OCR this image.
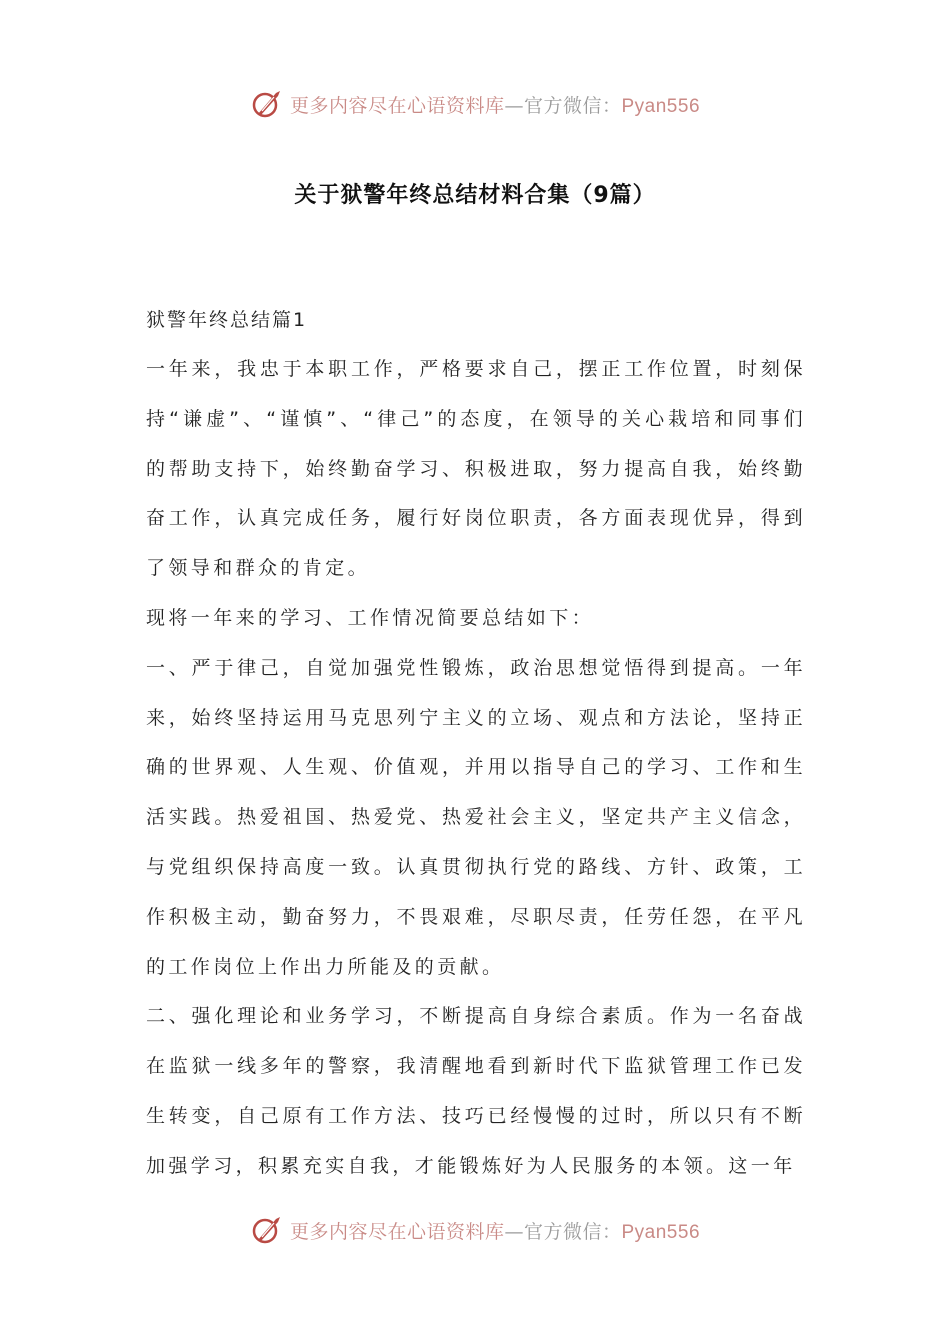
更多内容尽在心语资料库—官方微信：Pyan556
关于狱警年终总结材料合集（9篇）
狱警年终总结篇1

一年来，我忠于本职工作，严格要求自己，摆正工作位置，时刻保持“谦虚”、“谨慎”、“律己”的态度，在领导的关心栽培和同事们的帮助支持下，始终勤奋学习、积极进取，努力提高自我，始终勤奋工作，认真完成任务，履行好岗位职责，各方面表现优异，得到了领导和群众的肯定。

现将一年来的学习、工作情况简要总结如下：

一、严于律己，自觉加强党性锻炼，政治思想觉悟得到提高。一年来，始终坚持运用马克思列宁主义的立场、观点和方法论，坚持正确的世界观、人生观、价值观，并用以指导自己的学习、工作和生活实践。热爱祖国、热爱党、热爱社会主义，坚定共产主义信念，与党组织保持高度一致。认真贯彻执行党的路线、方针、政策，工作积极主动，勤奋努力，不畏艰难，尽职尽责，任劳任怨，在平凡的工作岗位上作出力所能及的贡献。

二、强化理论和业务学习，不断提高自身综合素质。作为一名奋战在监狱一线多年的警察，我清醒地看到新时代下监狱管理工作已发生转变，自己原有工作方法、技巧已经慢慢的过时，所以只有不断加强学习，积累充实自我，才能锻炼好为人民服务的本领。这一年

更多内容尽在心语资料库—官方微信：Pyan556
